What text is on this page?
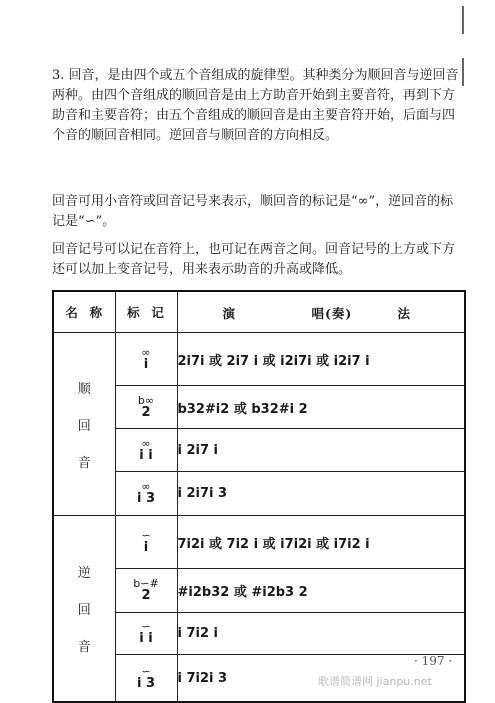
3. 回音，是由四个或五个音组成的旋律型。其种类分为顺回音与逆回音两种。由四个音组成的顺回音是由上方助音开始到主要音符，再到下方助音和主要音符；由五个音组成的顺回音是由主要音符开始，后面与四个音的顺回音相同。逆回音与顺回音的方向相反。

回音可用小音符或回音记号来表示，顺回音的标记是“∞”，逆回音的标记是“∽”。

回音记号可以记在音符上，也可记在两音之间。回音记号的上方或下方还可以加上变音记号，用来表示助音的升高或降低。

名 称	标 记	演 唱(奏) 法

顺
回
音	∞
i	2i7i 或 2i7 i 或 i2i7i 或 i2i7 i

	b∞
2	b32#i2 或 b32#i 2

	∞
i i	i 2i7 i

	∞
i 3	i 2i7i 3

逆
回
音	∽
i	7i2i 或 7i2 i 或 i7i2i 或 i7i2 i

	b∽#
2	#i2b32 或 #i2b3 2

	∽
i i	i 7i2 i

	∽
i 3	i 7i2i 3
· 197 ·
歌谱简谱网 jianpu.net
